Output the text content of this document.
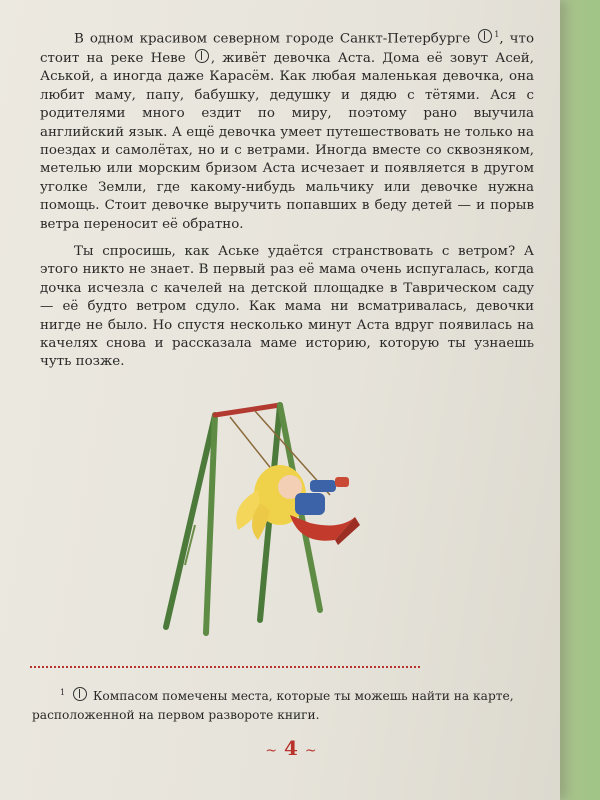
В одном красивом северном городе Санкт-Петербурге	$^1$, что стоит на реке Неве , живёт девочка Аста. Дома её зовут Асей, Аськой, а иногда даже Карасём. Как любая маленькая девочка, она любит маму, папу, бабушку, дедушку и дядю с тётями. Ася с родителями много ездит по миру, поэтому рано выучила английский язык. А ещё девочка умеет путешествовать не только на поездах и самолётах, но и с ветрами. Иногда вместе со сквозняком, метелью или морским бризом Аста исчезает и появляется в другом уголке Земли, где какому-нибудь мальчику или девочке нужна помощь. Стоит девочке выручить попавших в беду детей — и порыв ветра переносит её обратно.

Ты спросишь, как Аське удаётся странствовать с ветром? А этого никто не знает. В первый раз её мама очень испугалась, когда дочка исчезла с качелей на детской площадке в Таврическом саду — её будто ветром сдуло. Как мама ни всматривалась, девочки нигде не было. Но спустя несколько минут Аста вдруг появилась на качелях снова и рассказала маме историю, которую ты узнаешь чуть позже.

$^1$ Компасом помечены места, которые ты можешь найти на карте,
расположенной на первом развороте книги.

~ 4 ~
